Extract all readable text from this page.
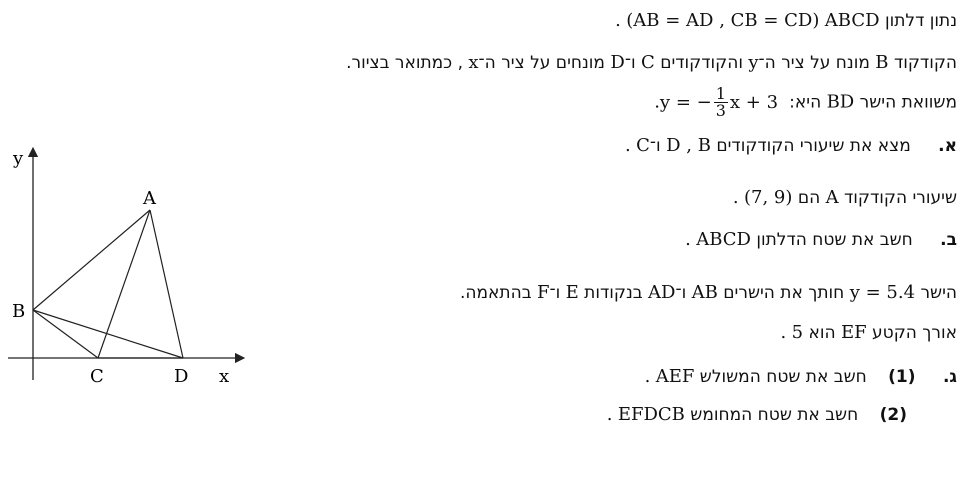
נתון דלתון ABCD (AB = AD , CB = CD) .
הקודקוד B מונח על ציר ה־y והקודקודים C ו־D מונחים על ציר ה־x , כמתואר בציור.
משוואת הישר BD היא: y = − $\frac{1}{3}$ x + 3 .
א. מצא את שיעורי הקודקודים D , B ו־C .
שיעורי הקודקוד A הם (7, 9) .
ב. חשב את שטח הדלתון ABCD .
הישר y = 5.4 חותך את הישרים AB ו־AD בנקודות E ו־F בהתאמה.
אורך הקטע EF הוא 5 .
ג. (1) חשב את שטח המשולש AEF .
(2) חשב את שטח המחומש EFDCB .
y
x
A
B
C	D
